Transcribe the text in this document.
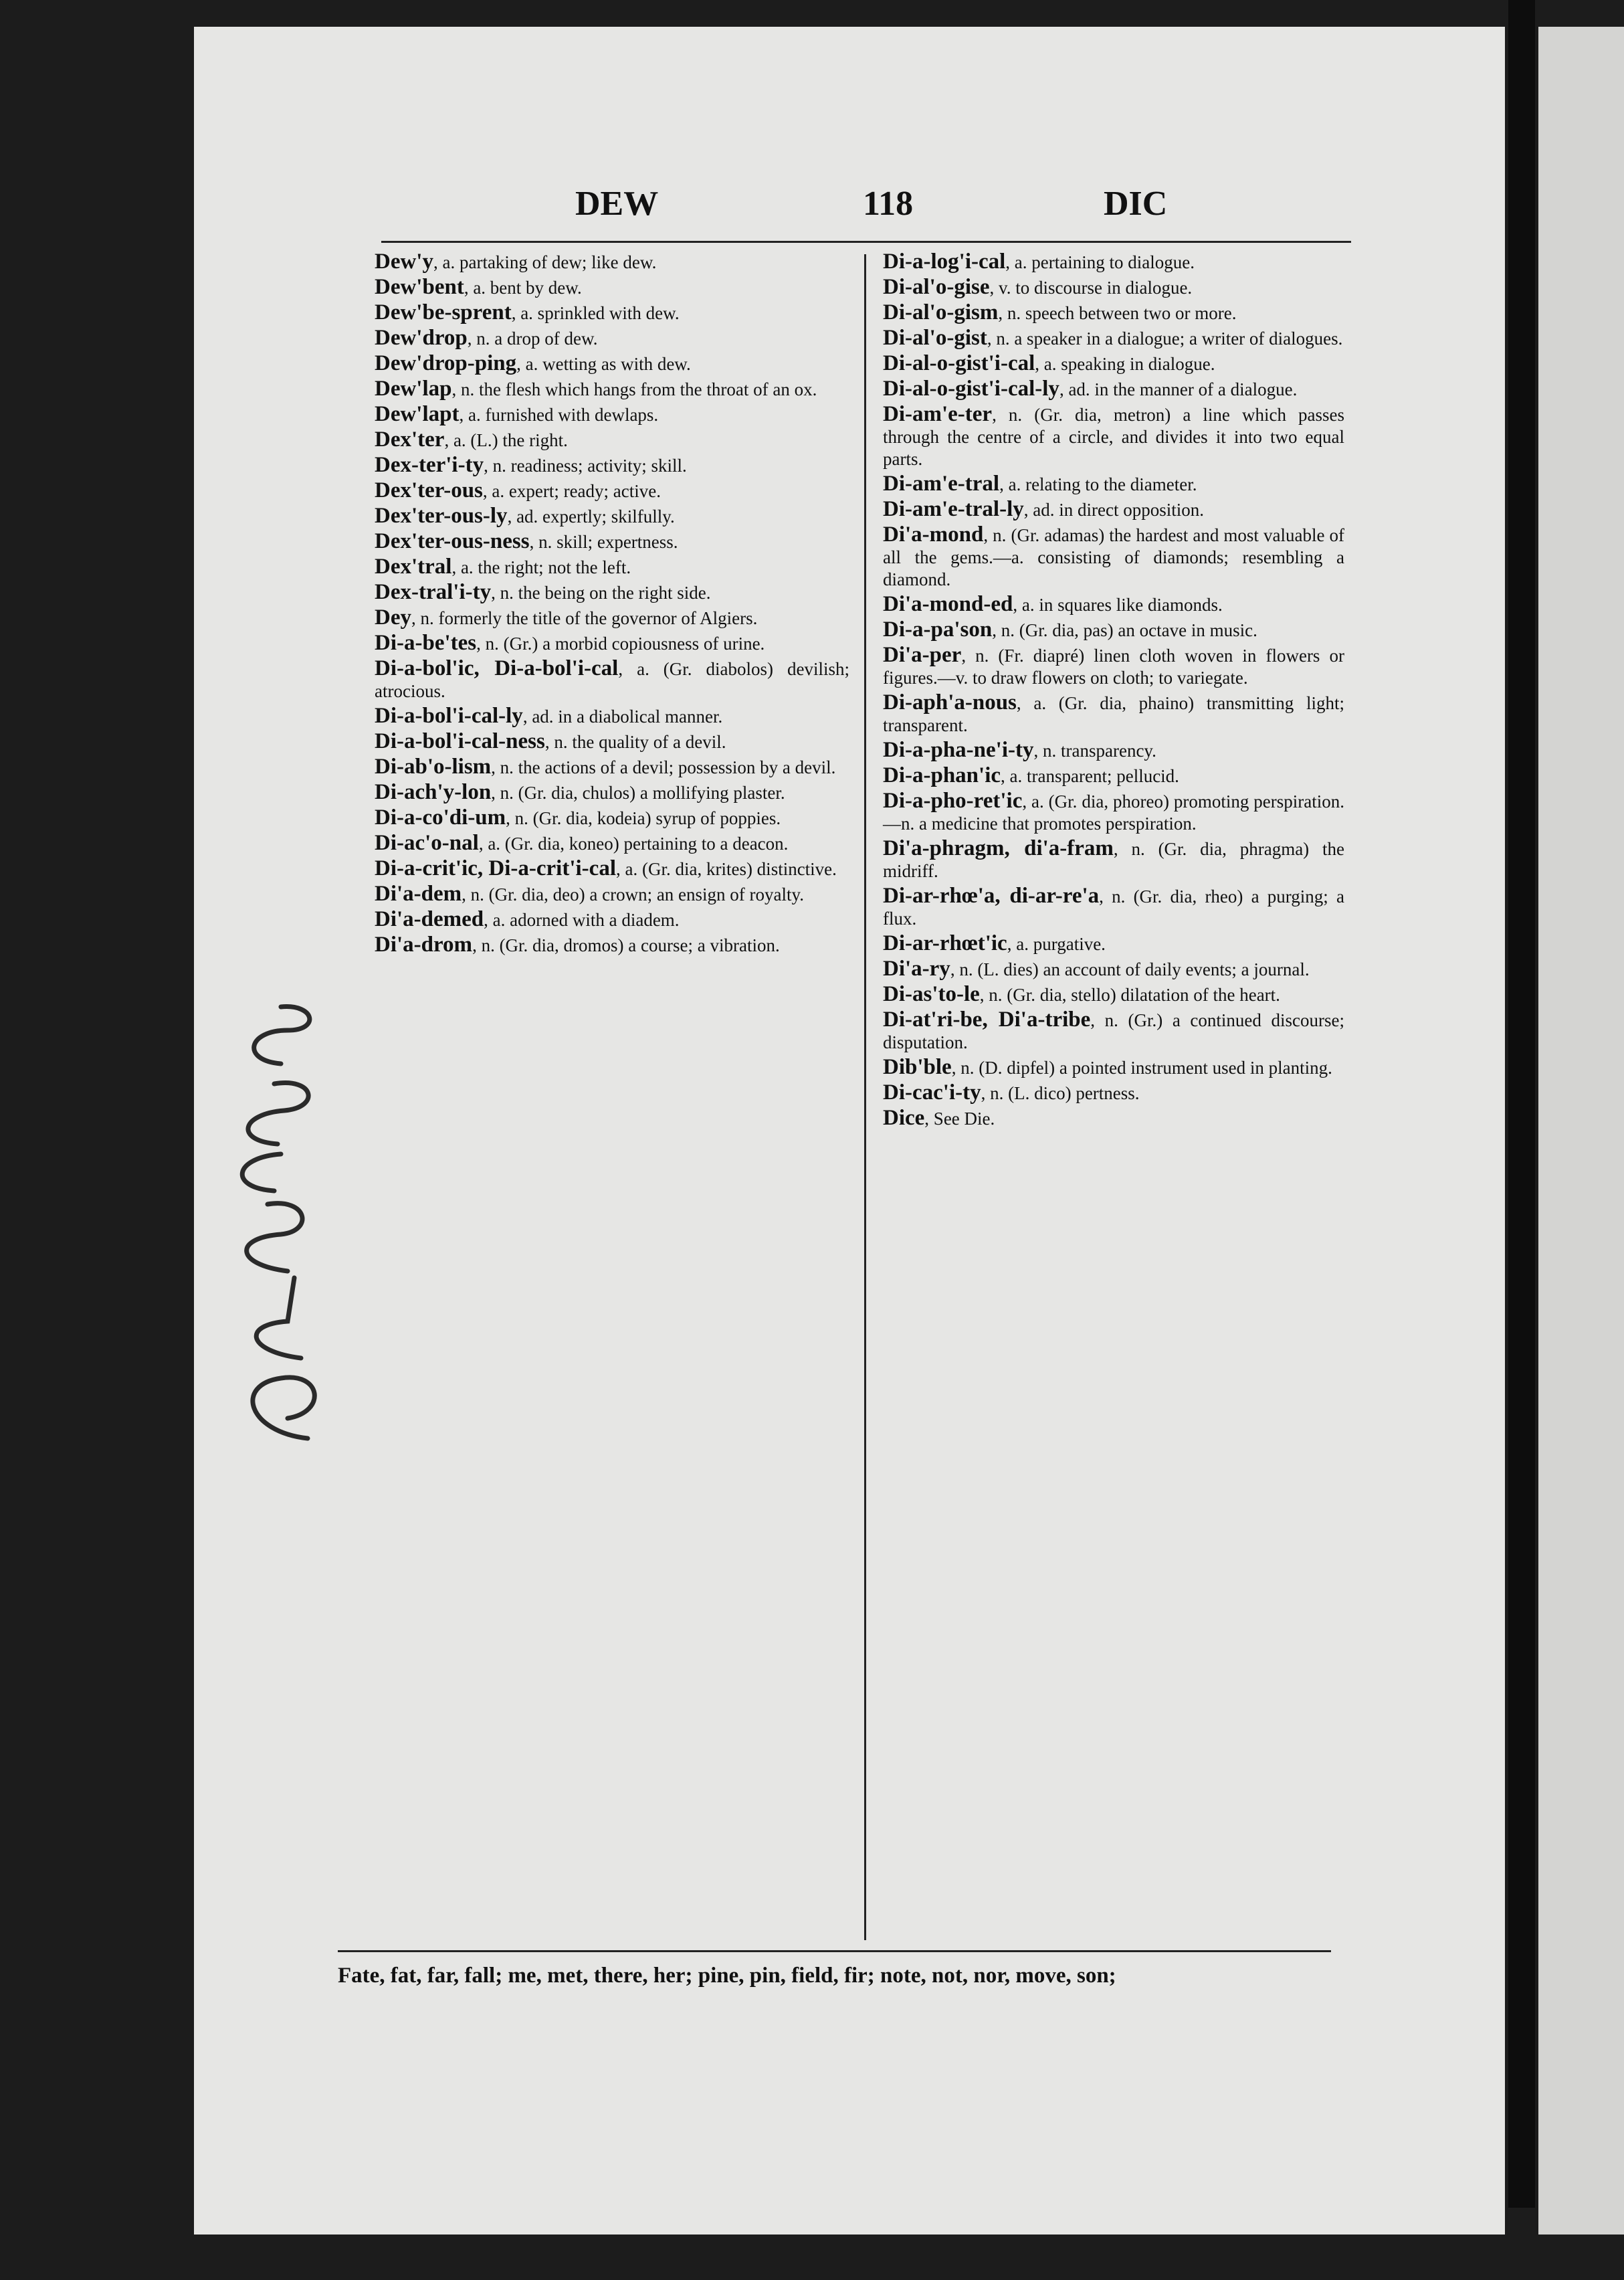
DEW	118	DIC
Dew'y, a. partaking of dew; like dew.
Dew'bent, a. bent by dew.
Dew'be-sprent, a. sprinkled with dew.
Dew'drop, n. a drop of dew.
Dew'drop-ping, a. wetting as with dew.
Dew'lap, n. the flesh which hangs from the throat of an ox.
Dew'lapt, a. furnished with dewlaps.
Dex'ter, a. (L.) the right.
Dex-ter'i-ty, n. readiness; activity; skill.
Dex'ter-ous, a. expert; ready; active.
Dex'ter-ous-ly, ad. expertly; skilfully.
Dex'ter-ous-ness, n. skill; expertness.
Dex'tral, a. the right; not the left.
Dex-tral'i-ty, n. the being on the right side.
Dey, n. formerly the title of the governor of Algiers.
Di-a-be'tes, n. (Gr.) a morbid copiousness of urine.
Di-a-bol'ic, Di-a-bol'i-cal, a. (Gr. diabolos) devilish; atrocious.
Di-a-bol'i-cal-ly, ad. in a diabolical manner.
Di-a-bol'i-cal-ness, n. the quality of a devil.
Di-ab'o-lism, n. the actions of a devil; possession by a devil.
Di-ach'y-lon, n. (Gr. dia, chulos) a mollifying plaster.
Di-a-co'di-um, n. (Gr. dia, kodeia) syrup of poppies.
Di-ac'o-nal, a. (Gr. dia, koneo) pertaining to a deacon.
Di-a-crit'ic, Di-a-crit'i-cal, a. (Gr. dia, krites) distinctive.
Di'a-dem, n. (Gr. dia, deo) a crown; an ensign of royalty.
Di'a-demed, a. adorned with a diadem.
Di'a-drom, n. (Gr. dia, dromos) a course; a vibration.
Di-a-log'i-cal, a. pertaining to dialogue.
Di-al'o-gise, v. to discourse in dialogue.
Di-al'o-gism, n. speech between two or more.
Di-al'o-gist, n. a speaker in a dialogue; a writer of dialogues.
Di-al-o-gist'i-cal, a. speaking in dialogue.
Di-al-o-gist'i-cal-ly, ad. in the manner of a dialogue.
Di-am'e-ter, n. (Gr. dia, metron) a line which passes through the centre of a circle, and divides it into two equal parts.
Di-am'e-tral, a. relating to the diameter.
Di-am'e-tral-ly, ad. in direct opposition.
Di'a-mond, n. (Gr. adamas) the hardest and most valuable of all the gems.—a. consisting of diamonds; resembling a diamond.
Di'a-mond-ed, a. in squares like diamonds.
Di-a-pa'son, n. (Gr. dia, pas) an octave in music.
Di'a-per, n. (Fr. diapré) linen cloth woven in flowers or figures.—v. to draw flowers on cloth; to variegate.
Di-aph'a-nous, a. (Gr. dia, phaino) transmitting light; transparent.
Di-a-pha-ne'i-ty, n. transparency.
Di-a-phan'ic, a. transparent; pellucid.
Di-a-pho-ret'ic, a. (Gr. dia, phoreo) promoting perspiration.—n. a medicine that promotes perspiration.
Di'a-phragm, di'a-fram, n. (Gr. dia, phragma) the midriff.
Di-ar-rhœ'a, di-ar-re'a, n. (Gr. dia, rheo) a purging; a flux.
Di-ar-rhœt'ic, a. purgative.
Di'a-ry, n. (L. dies) an account of daily events; a journal.
Di-as'to-le, n. (Gr. dia, stello) dilatation of the heart.
Di-at'ri-be, Di'a-tribe, n. (Gr.) a continued discourse; disputation.
Dib'ble, n. (D. dipfel) a pointed instrument used in planting.
Di-cac'i-ty, n. (L. dico) pertness.
Dice, See Die.
Fate, fat, far, fall; me, met, there, her; pine, pin, field, fir; note, not, nor, move, son;
